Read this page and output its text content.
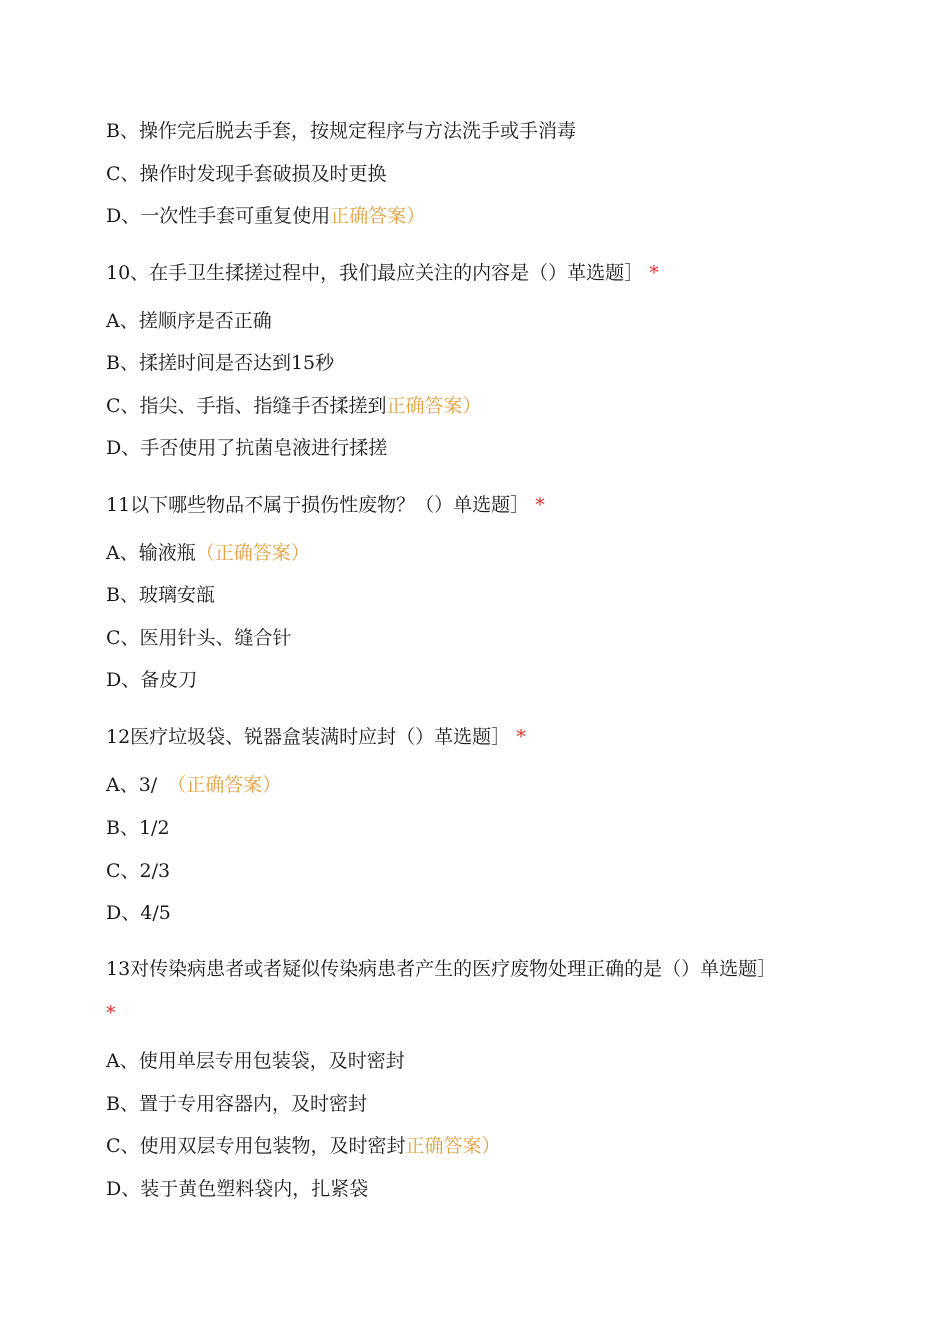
B、操作完后脱去手套，按规定程序与方法洗手或手消毒
C、操作时发现手套破损及时更换
D、一次性手套可重复使用正确答案）
10、在手卫生揉搓过程中，我们最应关注的内容是（）革选题］ *
A、搓顺序是否正确
B、揉搓时间是否达到15秒
C、指尖、手指、指缝手否揉搓到正确答案）
D、手否使用了抗菌皂液进行揉搓
11以下哪些物品不属于损伤性废物？（）单选题］ *
A、输液瓶（正确答案）
B、玻璃安瓿
C、医用针头、缝合针
D、备皮刀
12医疗垃圾袋、锐器盒装满时应封（）革选题］ *
A、3/ （正确答案）
B、1/2
C、2/3
D、4/5
13对传染病患者或者疑似传染病患者产生的医疗废物处理正确的是（）单选题］
*
A、使用单层专用包装袋，及时密封
B、置于专用容器内，及时密封
C、使用双层专用包装物，及时密封正确答案）
D、装于黄色塑料袋内，扎紧袋
